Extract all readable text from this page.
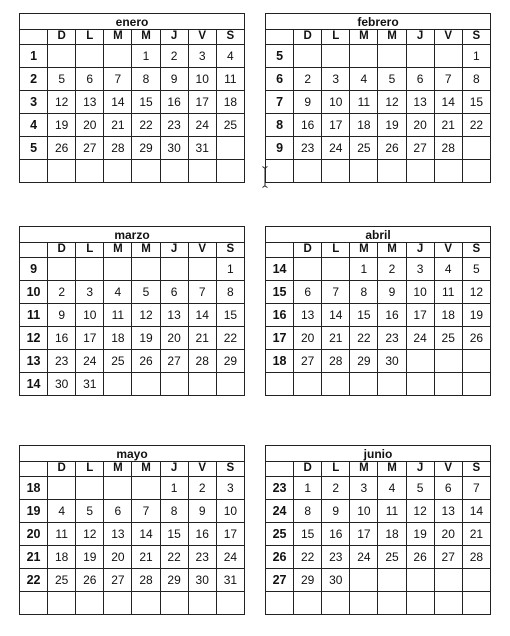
enero							
	D	L	M	M	J	V	S
1				1	2	3	4
2	5	6	7	8	9	10	11
3	12	13	14	15	16	17	18
4	19	20	21	22	23	24	25
5	26	27	28	29	30	31	

febrero							
	D	L	M	M	J	V	S
5							1
6	2	3	4	5	6	7	8
7	9	10	11	12	13	14	15
8	16	17	18	19	20	21	22
9	23	24	25	26	27	28	

marzo							
	D	L	M	M	J	V	S
9							1
10	2	3	4	5	6	7	8
11	9	10	11	12	13	14	15
12	16	17	18	19	20	21	22
13	23	24	25	26	27	28	29
14	30	31					
abril							
	D	L	M	M	J	V	S
14			1	2	3	4	5
15	6	7	8	9	10	11	12
16	13	14	15	16	17	18	19
17	20	21	22	23	24	25	26
18	27	28	29	30			

mayo							
	D	L	M	M	J	V	S
18					1	2	3
19	4	5	6	7	8	9	10
20	11	12	13	14	15	16	17
21	18	19	20	21	22	23	24
22	25	26	27	28	29	30	31

junio							
	D	L	M	M	J	V	S
23	1	2	3	4	5	6	7
24	8	9	10	11	12	13	14
25	15	16	17	18	19	20	21
26	22	23	24	25	26	27	28
27	29	30					
